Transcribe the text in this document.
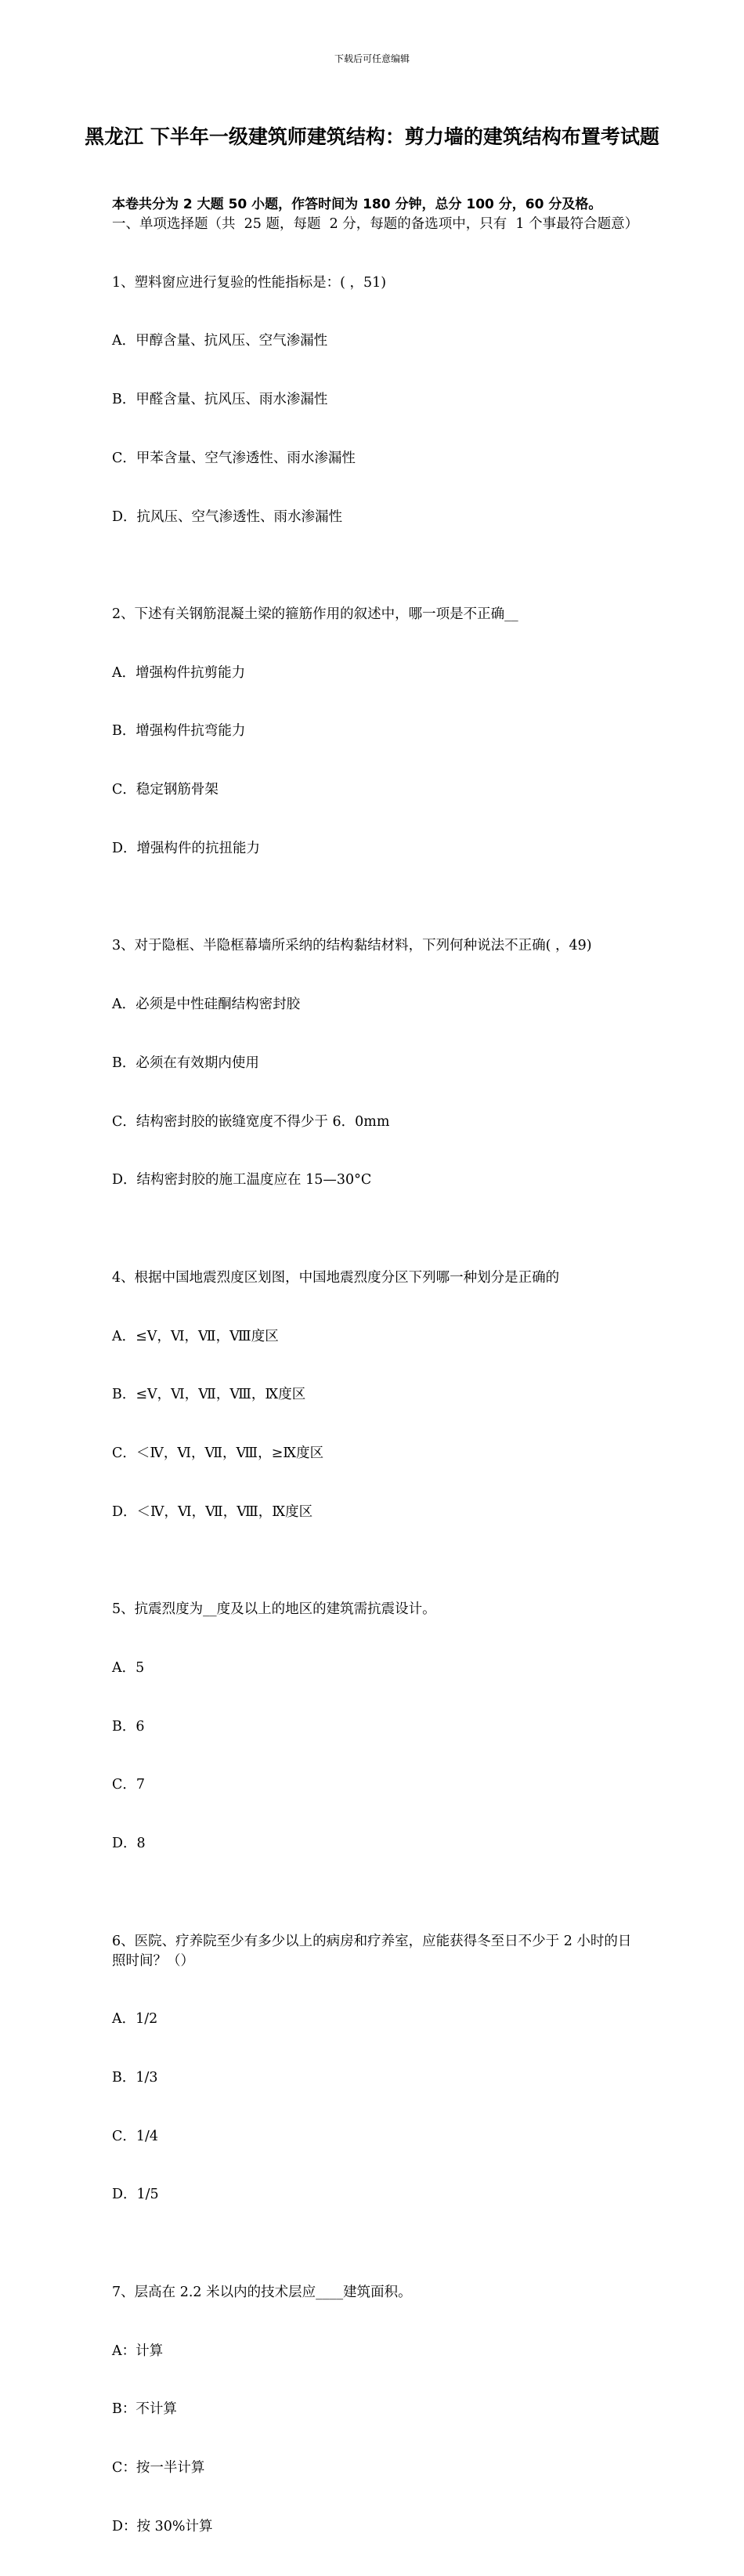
下载后可任意编辑
黑龙江 下半年一级建筑师建筑结构：剪力墙的建筑结构布置考试题
本卷共分为 2 大题 50 小题，作答时间为 180 分钟，总分 100 分，60 分及格。
一、单项选择题（共  25 题，每题  2 分，每题的备选项中，只有  1 个事最符合题意）

1、塑料窗应进行复验的性能指标是：( ，51)

A．甲醇含量、抗风压、空气渗漏性

B．甲醛含量、抗风压、雨水渗漏性

C．甲苯含量、空气渗透性、雨水渗漏性

D．抗风压、空气渗透性、雨水渗漏性

2、下述有关钢筋混凝土梁的箍筋作用的叙述中，哪一项是不正确__

A．增强构件抗剪能力

B．增强构件抗弯能力

C．稳定钢筋骨架

D．增强构件的抗扭能力

3、对于隐框、半隐框幕墙所采纳的结构黏结材料，下列何种说法不正确( ，49)

A．必须是中性硅酮结构密封胶

B．必须在有效期内使用

C．结构密封胶的嵌缝宽度不得少于 6．0mm

D．结构密封胶的施工温度应在 15—30°C

4、根据中国地震烈度区划图，中国地震烈度分区下列哪一种划分是正确的

A．≤Ⅴ，Ⅵ，Ⅶ，Ⅷ度区

B．≤Ⅴ，Ⅵ，Ⅶ，Ⅷ，Ⅸ度区

C．＜Ⅳ，Ⅵ，Ⅶ，Ⅷ，≥Ⅸ度区

D．＜Ⅳ，Ⅵ，Ⅶ，Ⅷ，Ⅸ度区

5、抗震烈度为__度及以上的地区的建筑需抗震设计。

A．5

B．6

C．7

D．8

6、医院、疗养院至少有多少以上的病房和疗养室，应能获得冬至日不少于 2 小时的日照时间？（）

A．1/2

B．1/3

C．1/4

D．1/5

7、层高在 2.2 米以内的技术层应____建筑面积。

A：计算

B：不计算

C：按一半计算

D：按 30%计算
